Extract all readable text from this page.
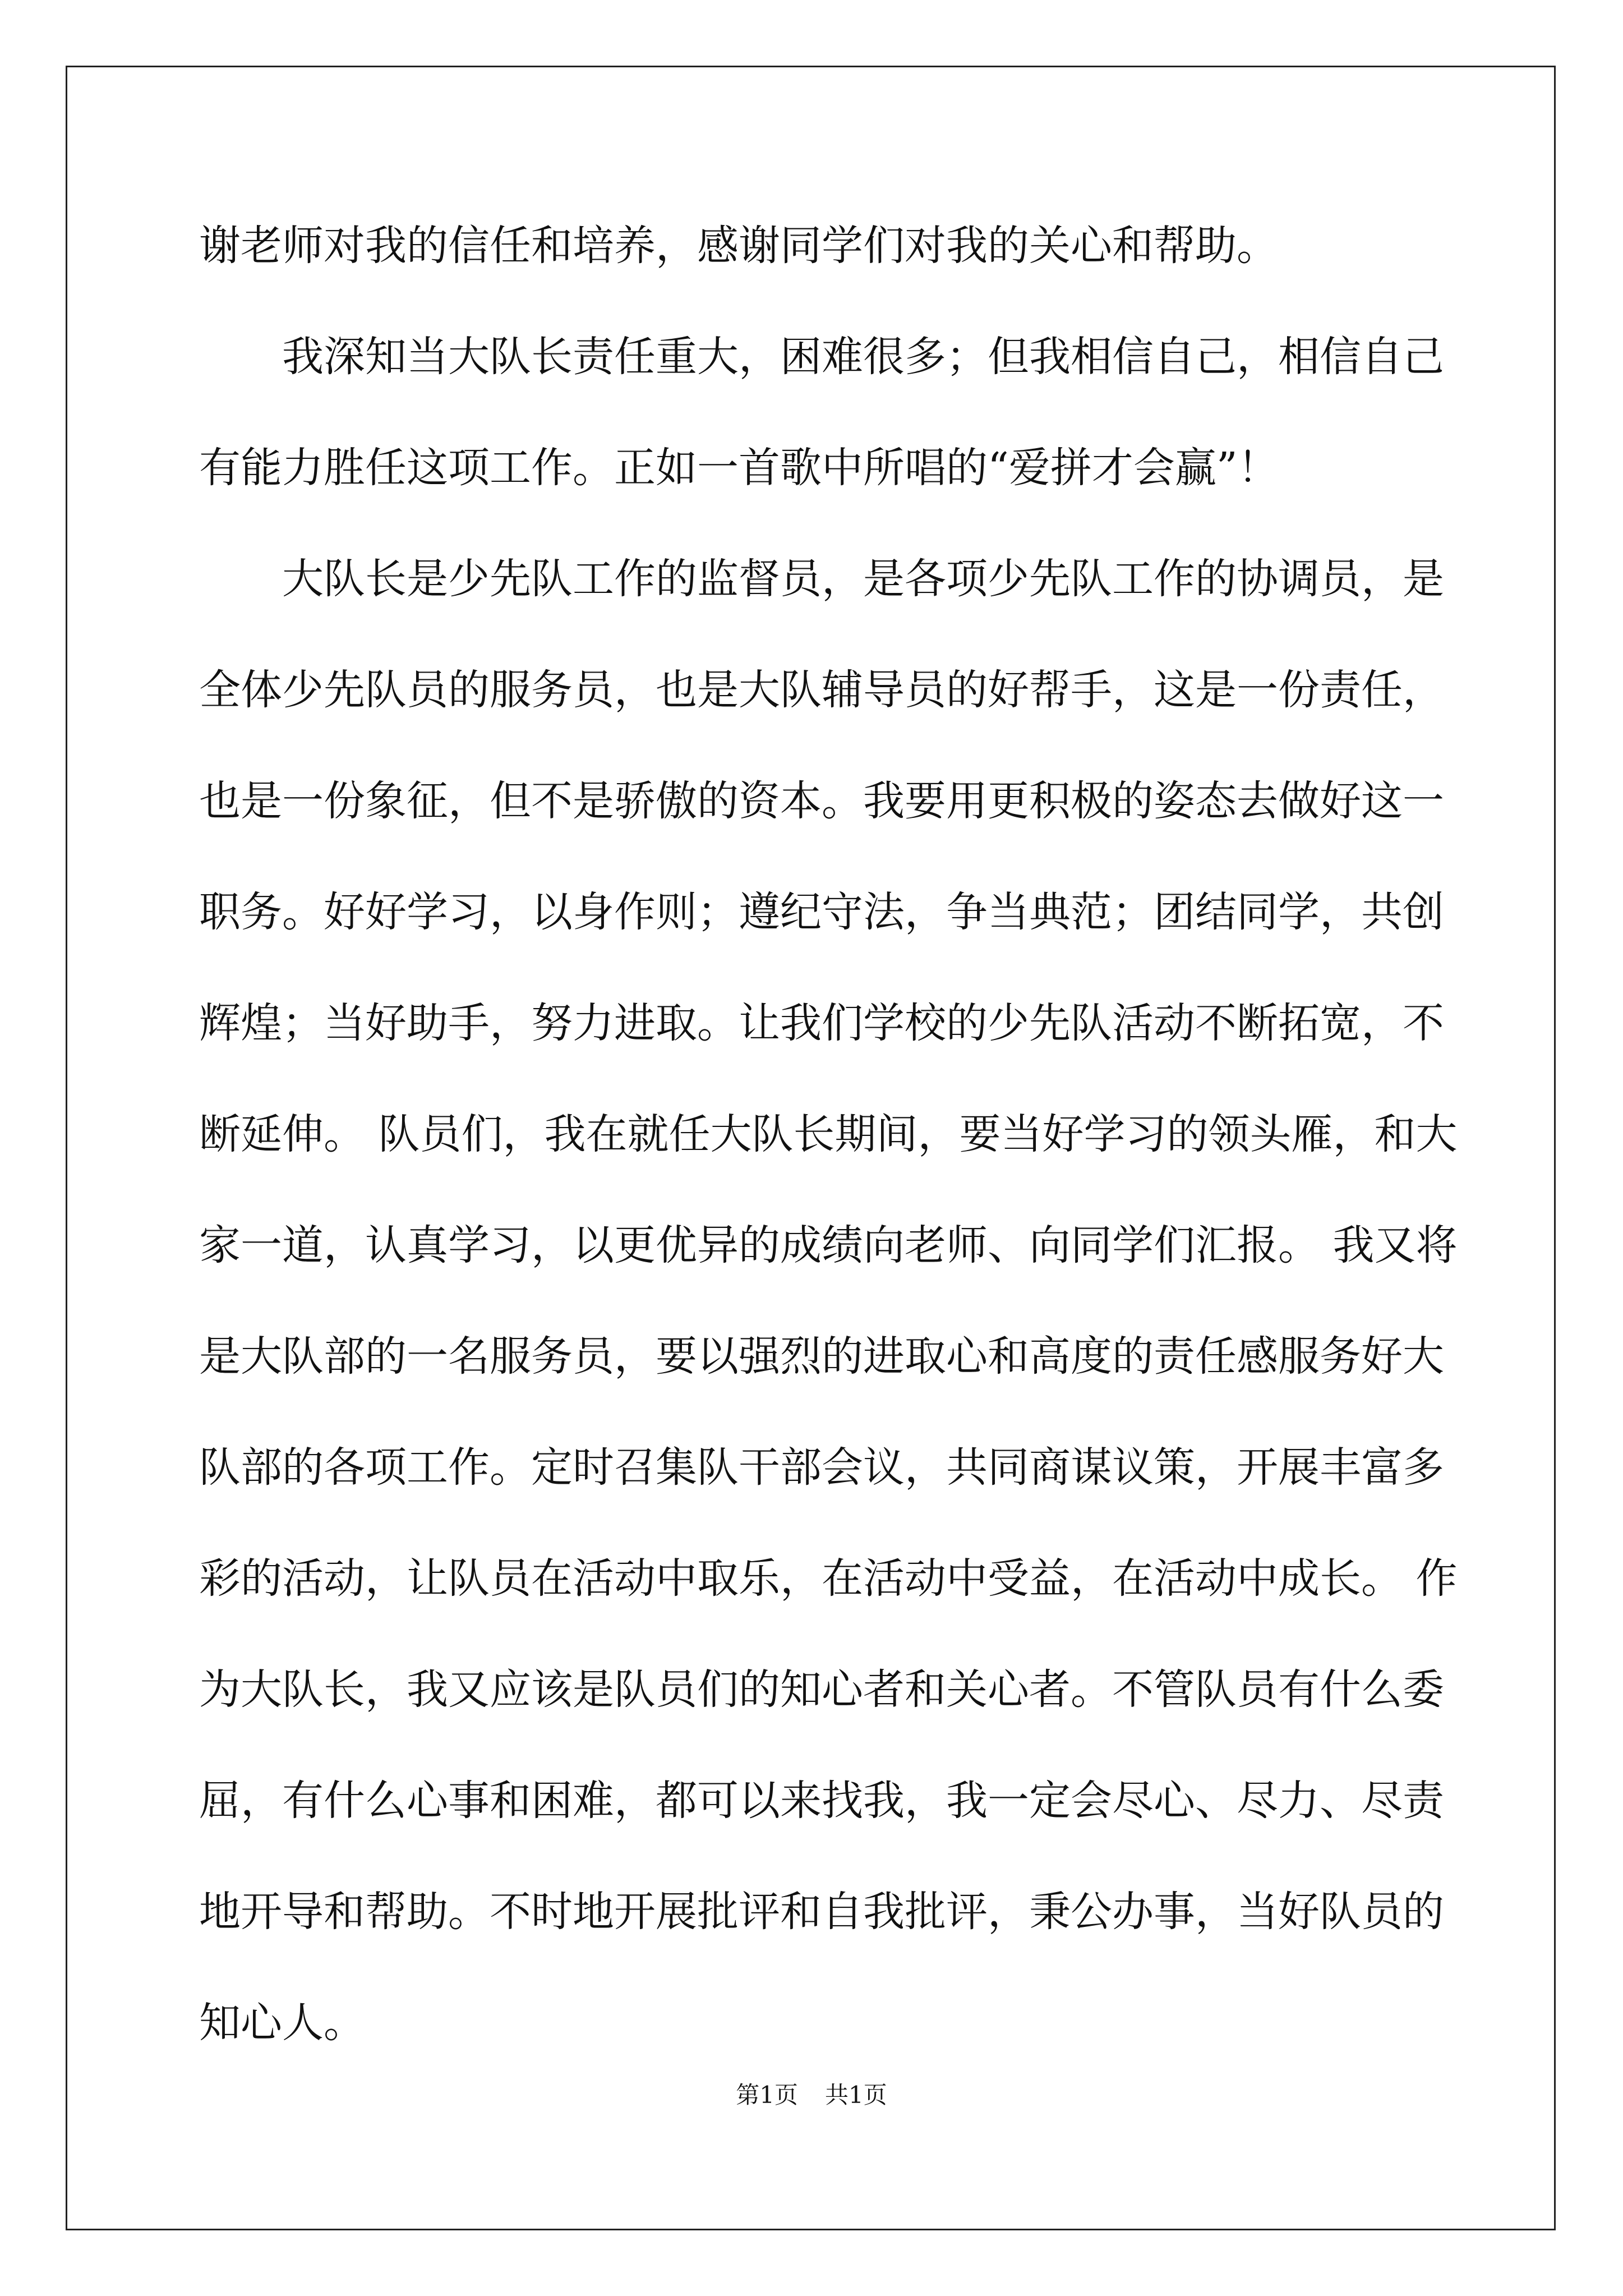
谢老师对我的信任和培养，感谢同学们对我的关心和帮助。
我深知当大队长责任重大，困难很多；但我相信自己，相信自己
有能力胜任这项工作。正如一首歌中所唱的“爱拼才会赢”！
大队长是少先队工作的监督员，是各项少先队工作的协调员，是
全体少先队员的服务员，也是大队辅导员的好帮手，这是一份责任，
也是一份象征，但不是骄傲的资本。我要用更积极的姿态去做好这一
职务。好好学习，以身作则；遵纪守法，争当典范；团结同学，共创
辉煌；当好助手，努力进取。让我们学校的少先队活动不断拓宽，不
断延伸。 队员们，我在就任大队长期间，要当好学习的领头雁，和大
家一道，认真学习，以更优异的成绩向老师、向同学们汇报。 我又将
是大队部的一名服务员，要以强烈的进取心和高度的责任感服务好大
队部的各项工作。定时召集队干部会议，共同商谋议策，开展丰富多
彩的活动，让队员在活动中取乐，在活动中受益，在活动中成长。 作
为大队长，我又应该是队员们的知心者和关心者。不管队员有什么委
屈，有什么心事和困难，都可以来找我，我一定会尽心、尽力、尽责
地开导和帮助。不时地开展批评和自我批评，秉公办事，当好队员的
知心人。
第1页 共1页
